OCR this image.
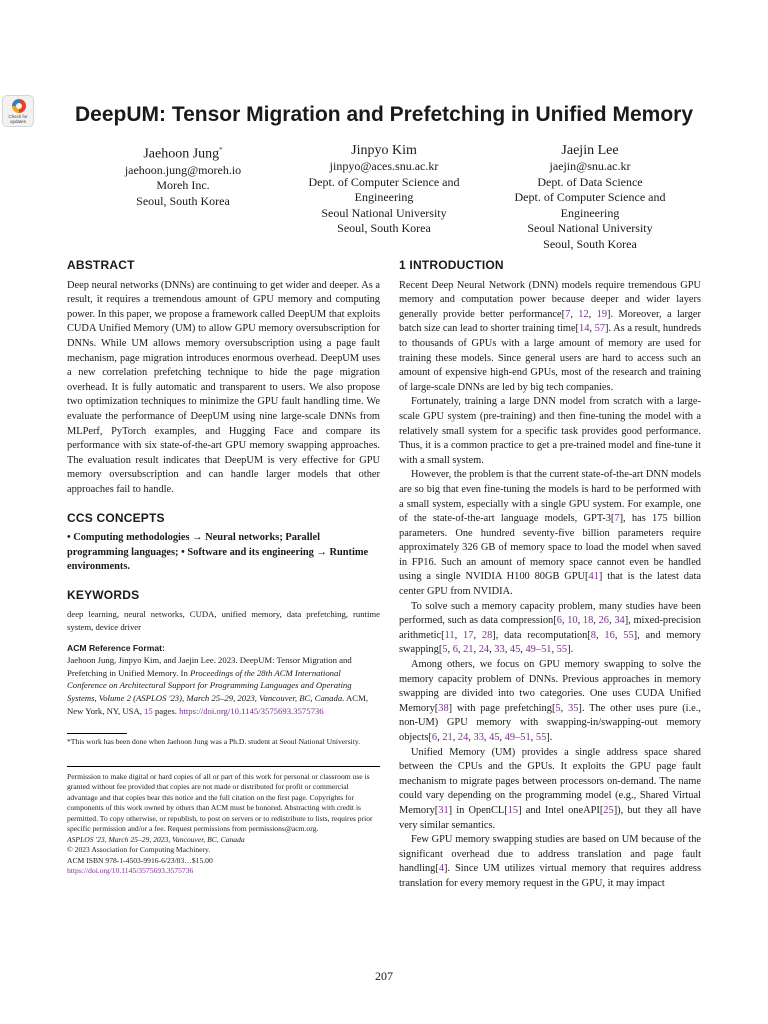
Check for
updates	DeepUM: Tensor Migration and Prefetching in Unified Memory
Jaehoon Jung*
jaehoon.jung@moreh.io
Moreh Inc.
Seoul, South Korea
Jinpyo Kim
jinpyo@aces.snu.ac.kr
Dept. of Computer Science and
Engineering
Seoul National University
Seoul, South Korea
Jaejin Lee
jaejin@snu.ac.kr
Dept. of Data Science
Dept. of Computer Science and
Engineering
Seoul National University
Seoul, South Korea
ABSTRACT

Deep neural networks (DNNs) are continuing to get wider and deeper. As a result, it requires a tremendous amount of GPU memory and computing power. In this paper, we propose a framework called DeepUM that exploits CUDA Unified Memory (UM) to allow GPU memory oversubscription for DNNs. While UM allows memory oversubscription using a page fault mechanism, page migration introduces enormous overhead. DeepUM uses a new correlation prefetching technique to hide the page migration overhead. It is fully automatic and transparent to users. We also propose two optimization techniques to minimize the GPU fault handling time. We evaluate the performance of DeepUM using nine large-scale DNNs from MLPerf, PyTorch examples, and Hugging Face and compare its performance with six state-of-the-art GPU memory swapping approaches. The evaluation result indicates that DeepUM is very effective for GPU memory oversubscription and can handle larger models that other approaches fail to handle.

CCS CONCEPTS

• Computing methodologies → Neural networks; Parallel programming languages; • Software and its engineering → Runtime environments.

KEYWORDS

deep learning, neural networks, CUDA, unified memory, data prefetching, runtime system, device driver

ACM Reference Format:

Jaehoon Jung, Jinpyo Kim, and Jaejin Lee. 2023. DeepUM: Tensor Migration and Prefetching in Unified Memory. In Proceedings of the 28th ACM International Conference on Architectural Support for Programming Languages and Operating Systems, Volume 2 (ASPLOS '23), March 25–29, 2023, Vancouver, BC, Canada. ACM, New York, NY, USA, 15 pages. https://doi.org/10.1145/3575693.3575736

*This work has been done when Jaehoon Jung was a Ph.D. student at Seoul National University.
Permission to make digital or hard copies of all or part of this work for personal or classroom use is granted without fee provided that copies are not made or distributed for profit or commercial advantage and that copies bear this notice and the full citation on the first page. Copyrights for components of this work owned by others than ACM must be honored. Abstracting with credit is permitted. To copy otherwise, or republish, to post on servers or to redistribute to lists, requires prior specific permission and/or a fee. Request permissions from permissions@acm.org.
ASPLOS '23, March 25–29, 2023, Vancouver, BC, Canada
© 2023 Association for Computing Machinery.
ACM ISBN 978-1-4503-9916-6/23/03…$15.00
https://doi.org/10.1145/3575693.3575736
1 INTRODUCTION

Recent Deep Neural Network (DNN) models require tremendous GPU memory and computation power because deeper and wider layers generally provide better performance[7, 12, 19]. Moreover, a larger batch size can lead to shorter training time[14, 57]. As a result, hundreds to thousands of GPUs with a large amount of memory are used for training these models. Since general users are hard to access such an amount of expensive high-end GPUs, most of the research and training of large-scale DNNs are led by big tech companies.

Fortunately, training a large DNN model from scratch with a large-scale GPU system (pre-training) and then fine-tuning the model with a relatively small system for a specific task provides good performance. Thus, it is a common practice to get a pre-trained model and fine-tune it with a small system.

However, the problem is that the current state-of-the-art DNN models are so big that even fine-tuning the models is hard to be performed with a small system, especially with a single GPU system. For example, one of the state-of-the-art language models, GPT-3[7], has 175 billion parameters. One hundred seventy-five billion parameters require approximately 326 GB of memory space to load the model when saved in FP16. Such an amount of memory space cannot even be handled using a single NVIDIA H100 80GB GPU[41] that is the latest data center GPU from NVIDIA.

To solve such a memory capacity problem, many studies have been performed, such as data compression[6, 10, 18, 26, 34], mixed-precision arithmetic[11, 17, 28], data recomputation[8, 16, 55], and memory swapping[5, 6, 21, 24, 33, 45, 49–51, 55].

Among others, we focus on GPU memory swapping to solve the memory capacity problem of DNNs. Previous approaches in memory swapping are divided into two categories. One uses CUDA Unified Memory[38] with page prefetching[5, 35]. The other uses pure (i.e., non-UM) GPU memory with swapping-in/swapping-out memory objects[6, 21, 24, 33, 45, 49–51, 55].

Unified Memory (UM) provides a single address space shared between the CPUs and the GPUs. It exploits the GPU page fault mechanism to migrate pages between processors on-demand. The name could vary depending on the programming model (e.g., Shared Virtual Memory[31] in OpenCL[15] and Intel oneAPI[25]), but they all have very similar semantics.

Few GPU memory swapping studies are based on UM because of the significant overhead due to address translation and page fault handling[4]. Since UM utilizes virtual memory that requires address translation for every memory request in the GPU, it may impact

207
